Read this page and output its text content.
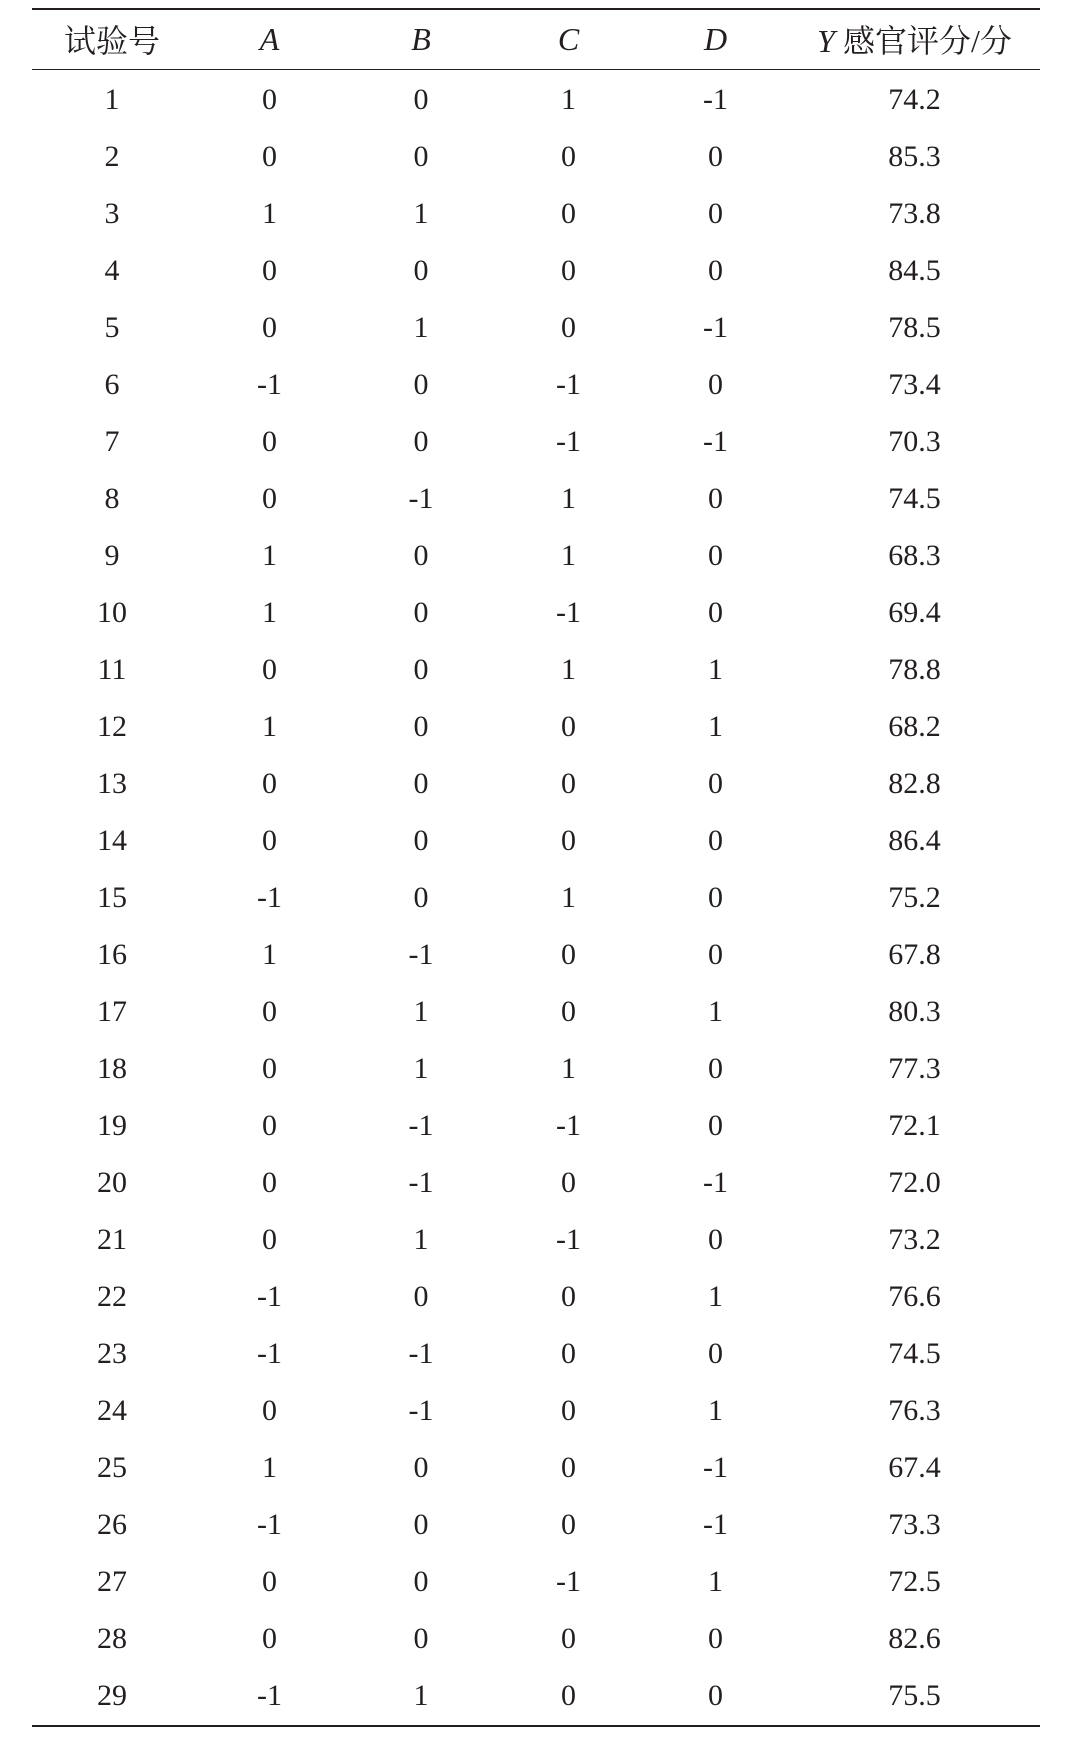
试验号	A	B	C	D	Y 感官评分/分
1	0	0	1	-1	74.2
2	0	0	0	0	85.3
3	1	1	0	0	73.8
4	0	0	0	0	84.5
5	0	1	0	-1	78.5
6	-1	0	-1	0	73.4
7	0	0	-1	-1	70.3
8	0	-1	1	0	74.5
9	1	0	1	0	68.3
10	1	0	-1	0	69.4
11	0	0	1	1	78.8
12	1	0	0	1	68.2
13	0	0	0	0	82.8
14	0	0	0	0	86.4
15	-1	0	1	0	75.2
16	1	-1	0	0	67.8
17	0	1	0	1	80.3
18	0	1	1	0	77.3
19	0	-1	-1	0	72.1
20	0	-1	0	-1	72.0
21	0	1	-1	0	73.2
22	-1	0	0	1	76.6
23	-1	-1	0	0	74.5
24	0	-1	0	1	76.3
25	1	0	0	-1	67.4
26	-1	0	0	-1	73.3
27	0	0	-1	1	72.5
28	0	0	0	0	82.6
29	-1	1	0	0	75.5
